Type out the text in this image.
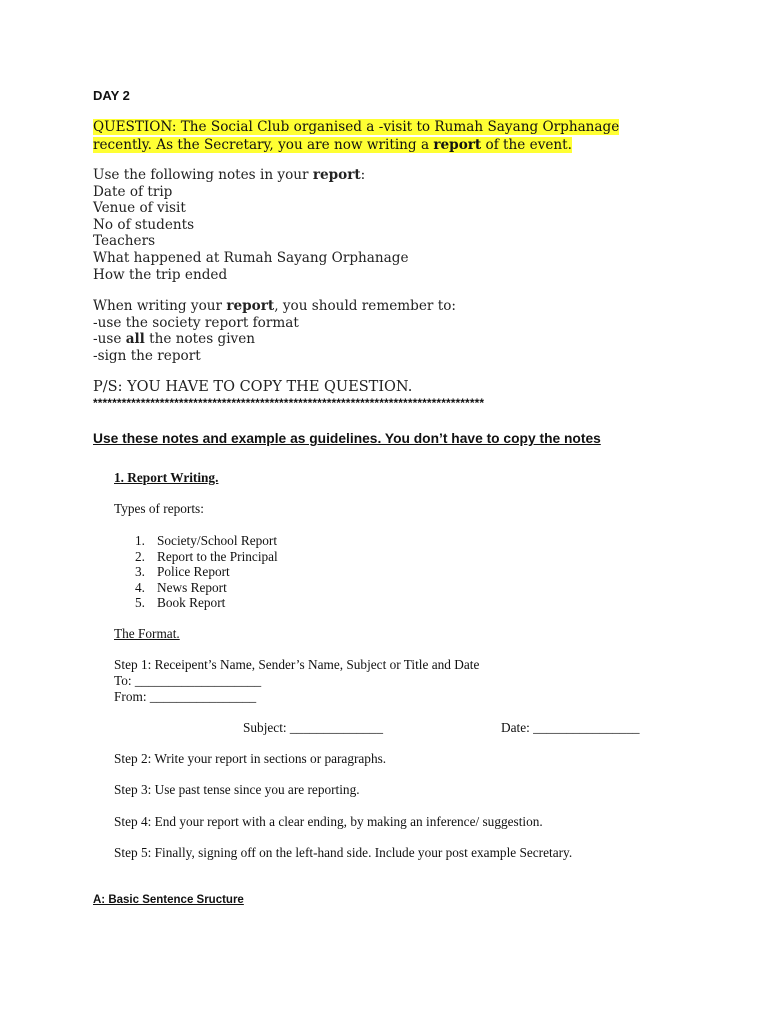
DAY 2
QUESTION: The Social Club organised a -visit to Rumah Sayang Orphanage
recently. As the Secretary, you are now writing a report of the event.
Use the following notes in your report:
Date of trip
Venue of visit
No of students
Teachers
What happened at Rumah Sayang Orphanage
How the trip ended
When writing your report, you should remember to:
-use the society report format
-use all the notes given
-sign the report
P/S: YOU HAVE TO COPY THE QUESTION.
**********************************************************************************
Use these notes and example as guidelines. You don’t have to copy the notes
1. Report Writing.
Types of reports:
1. Society/School Report
2. Report to the Principal
3. Police Report
4. News Report
5. Book Report
The Format.
Step 1: Receipent’s Name, Sender’s Name, Subject or Title and Date
To: ___________________
From: ________________
Subject: ______________	Date: ________________
Step 2: Write your report in sections or paragraphs.
Step 3: Use past tense since you are reporting.
Step 4: End your report with a clear ending, by making an inference/ suggestion.
Step 5: Finally, signing off on the left-hand side. Include your post example Secretary.
A: Basic Sentence Sructure
